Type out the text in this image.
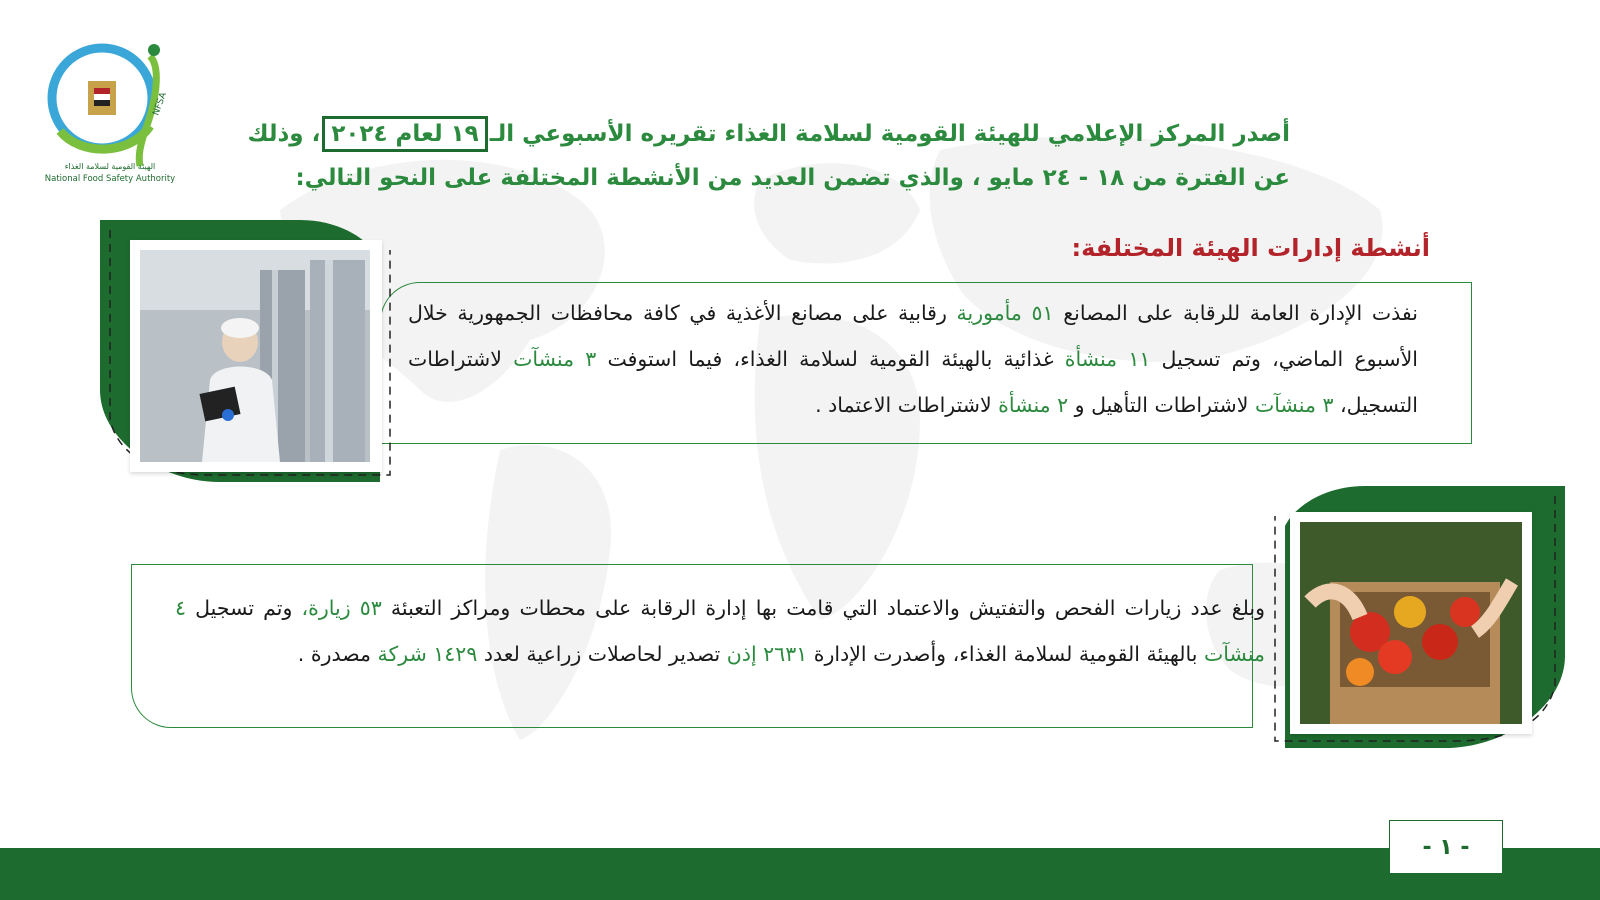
NFSA
الهيئة القومية لسلامة الغذاء
National Food Safety Authority
أصدر المركز الإعلامي للهيئة القومية لسلامة الغذاء تقريره الأسبوعي الـ١٩ لعام ٢٠٢٤، وذلك
عن الفترة من ١٨ - ٢٤ مايو ، والذي تضمن العديد من الأنشطة المختلفة على النحو التالي:
أنشطة إدارات الهيئة المختلفة:
نفذت الإدارة العامة للرقابة على المصانع ٥١ مأمورية رقابية على مصانع الأغذية في كافة محافظات الجمهورية خلال الأسبوع الماضي، وتم تسجيل ١١ منشأة غذائية بالهيئة القومية لسلامة الغذاء، فيما استوفت ٣ منشآت لاشتراطات التسجيل، ٣ منشآت لاشتراطات التأهيل و ٢ منشأة لاشتراطات الاعتماد .
وبلغ عدد زيارات الفحص والتفتيش والاعتماد التي قامت بها إدارة الرقابة على محطات ومراكز التعبئة ٥٣ زيارة، وتم تسجيل ٤ منشآت بالهيئة القومية لسلامة الغذاء، وأصدرت الإدارة ٢٦٣١ إذن تصدير لحاصلات زراعية لعدد ١٤٢٩ شركة مصدرة .
- ١ -
